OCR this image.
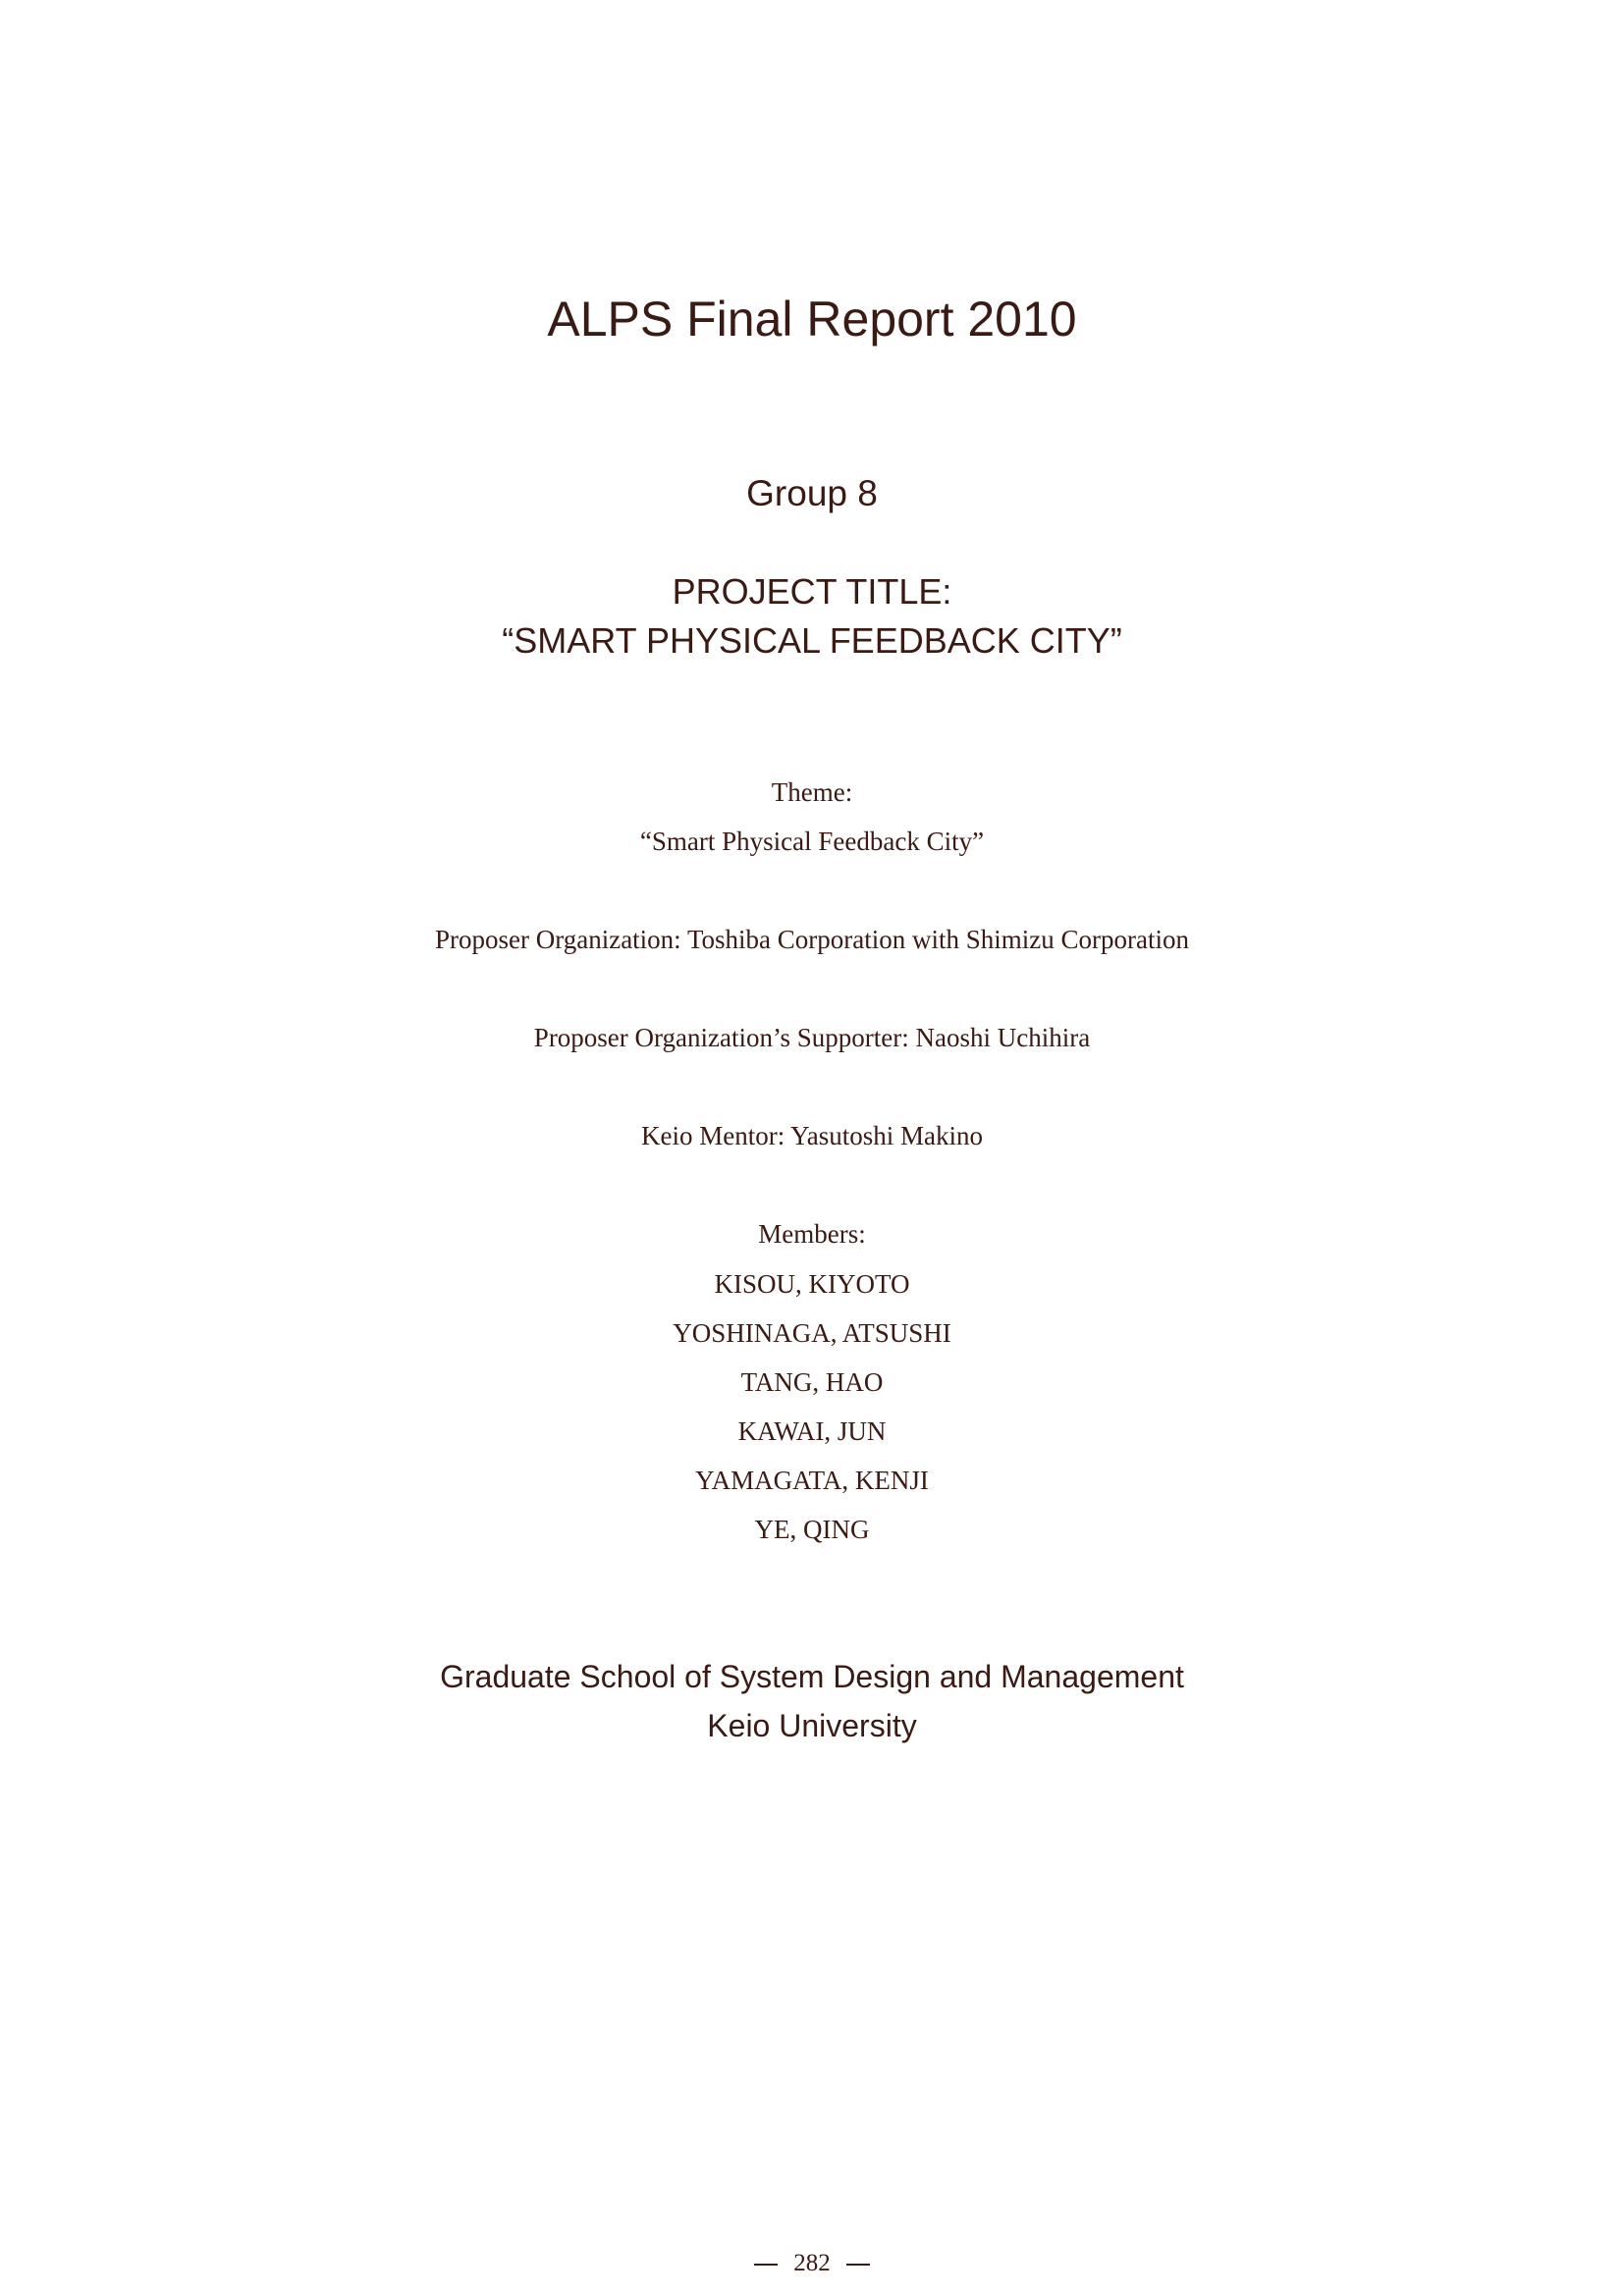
ALPS Final Report 2010
Group 8
PROJECT TITLE:
“SMART PHYSICAL FEEDBACK CITY”
Theme:
“Smart Physical Feedback City”
Proposer Organization: Toshiba Corporation with Shimizu Corporation
Proposer Organization’s Supporter: Naoshi Uchihira
Keio Mentor: Yasutoshi Makino
Members:
KISOU, KIYOTO
YOSHINAGA, ATSUSHI
TANG, HAO
KAWAI, JUN
YAMAGATA, KENJI
YE, QING
Graduate School of System Design and Management
Keio University
282
